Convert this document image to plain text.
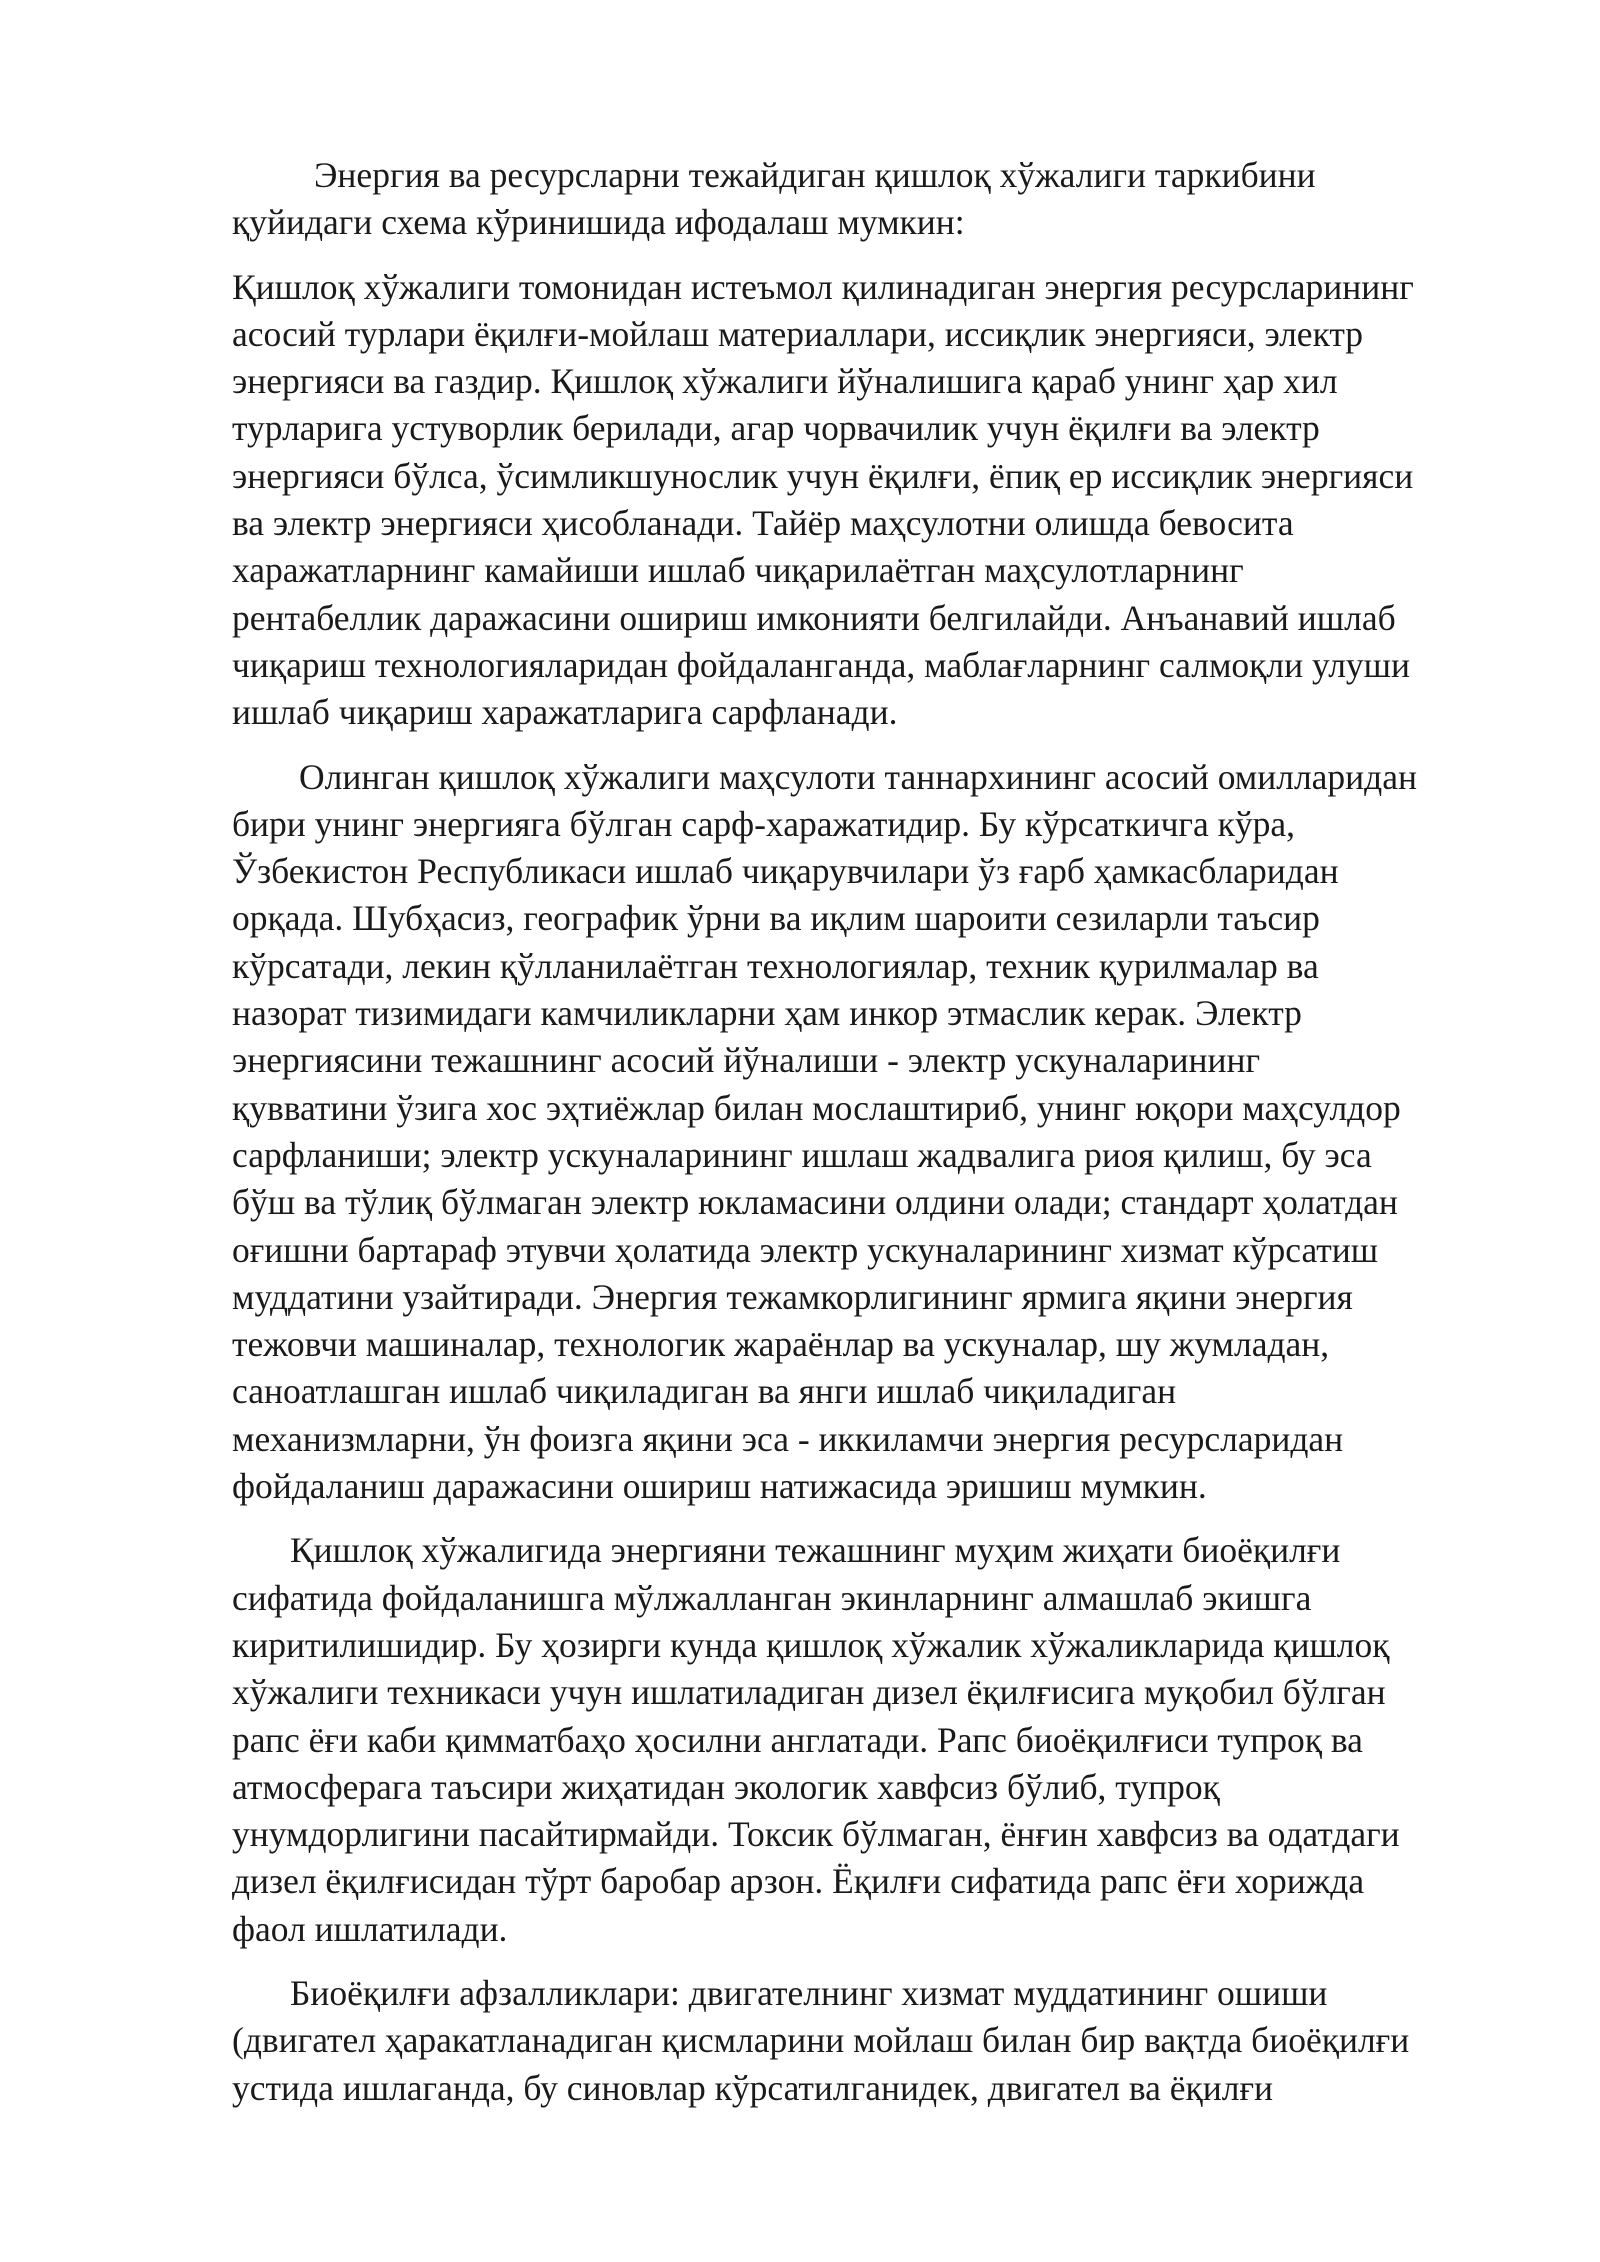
Энергия ва ресурсларни тежайдиган қишлоқ хўжалиги таркибини
қуйидаги схема кўринишида ифодалаш мумкин:
Қишлоқ хўжалиги томонидан истеъмол қилинадиган энергия ресурсларининг
асосий турлари ёқилғи-мойлаш материаллари, иссиқлик энергияси, электр
энергияси ва газдир. Қишлоқ хўжалиги йўналишига қараб унинг ҳар хил
турларига устуворлик берилади, агар чорвачилик учун ёқилғи ва электр
энергияси бўлса, ўсимликшунослик учун ёқилғи, ёпиқ ер иссиқлик энергияси
ва электр энергияси ҳисобланади. Тайёр маҳсулотни олишда бевосита
харажатларнинг камайиши ишлаб чиқарилаётган маҳсулотларнинг
рентабеллик даражасини ошириш имконияти белгилайди. Анъанавий ишлаб
чиқариш технологияларидан фойдаланганда, маблағларнинг салмоқли улуши
ишлаб чиқариш харажатларига сарфланади.
Олинган қишлоқ хўжалиги маҳсулоти таннархининг асосий омилларидан
бири унинг энергияга бўлган сарф-харажатидир. Бу кўрсаткичга кўра,
Ўзбекистон Республикаси ишлаб чиқарувчилари ўз ғарб ҳамкасбларидан
орқада. Шубҳасиз, географик ўрни ва иқлим шароити сезиларли таъсир
кўрсатади, лекин қўлланилаётган технологиялар, техник қурилмалар ва
назорат тизимидаги камчиликларни ҳам инкор этмаслик керак. Электр
энергиясини тежашнинг асосий йўналиши - электр ускуналарининг
қувватини ўзига хос эҳтиёжлар билан мослаштириб, унинг юқори маҳсулдор
сарфланиши; электр ускуналарининг ишлаш жадвалига риоя қилиш, бу эса
бўш ва тўлиқ бўлмаган электр юкламасини олдини олади; стандарт ҳолатдан
оғишни бартараф этувчи ҳолатида электр ускуналарининг хизмат кўрсатиш
муддатини узайтиради. Энергия тежамкорлигининг ярмига яқини энергия
тежовчи машиналар, технологик жараёнлар ва ускуналар, шу жумладан,
саноатлашган ишлаб чиқиладиган ва янги ишлаб чиқиладиган
механизмларни, ўн фоизга яқини эса - иккиламчи энергия ресурсларидан
фойдаланиш даражасини ошириш натижасида эришиш мумкин.
Қишлоқ хўжалигида энергияни тежашнинг муҳим жиҳати биоёқилғи
сифатида фойдаланишга мўлжалланган экинларнинг алмашлаб экишга
киритилишидир. Бу ҳозирги кунда қишлоқ хўжалик хўжаликларида қишлоқ
хўжалиги техникаси учун ишлатиладиган дизел ёқилғисига муқобил бўлган
рапс ёғи каби қимматбаҳо ҳосилни англатади. Рапс биоёқилғиси тупроқ ва
атмосферага таъсири жиҳатидан экологик хавфсиз бўлиб, тупроқ
унумдорлигини пасайтирмайди. Токсик бўлмаган, ёнғин хавфсиз ва одатдаги
дизел ёқилғисидан тўрт баробар арзон. Ёқилғи сифатида рапс ёғи хорижда
фаол ишлатилади.
Биоёқилғи афзалликлари: двигателнинг хизмат муддатининг ошиши
(двигател ҳаракатланадиган қисмларини мойлаш билан бир вақтда биоёқилғи
устида ишлаганда, бу синовлар кўрсатилганидек, двигател ва ёқилғи
